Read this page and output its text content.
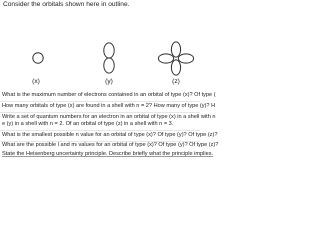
Consider the orbitals shown here in outline.
(x)	(y)	(z)
What is the maximum number of electrons contained in an orbital of type (x)? Of type (
How many orbitals of type (x) are found in a shell with n = 2? How many of type (y)? H
Write a set of quantum numbers for an electron in an orbital of type (x) in a shell with n
e (y) in a shell with n = 2. Of an orbital of type (z) in a shell with n = 3.
What is the smallest possible n value for an orbital of type (x)? Of type (y)? Of type (z)?
What are the possible l and mₗ values for an orbital of type (x)? Of type (y)? Of type (z)?
State the Heisenberg uncertainty principle. Describe briefly what the principle implies.
